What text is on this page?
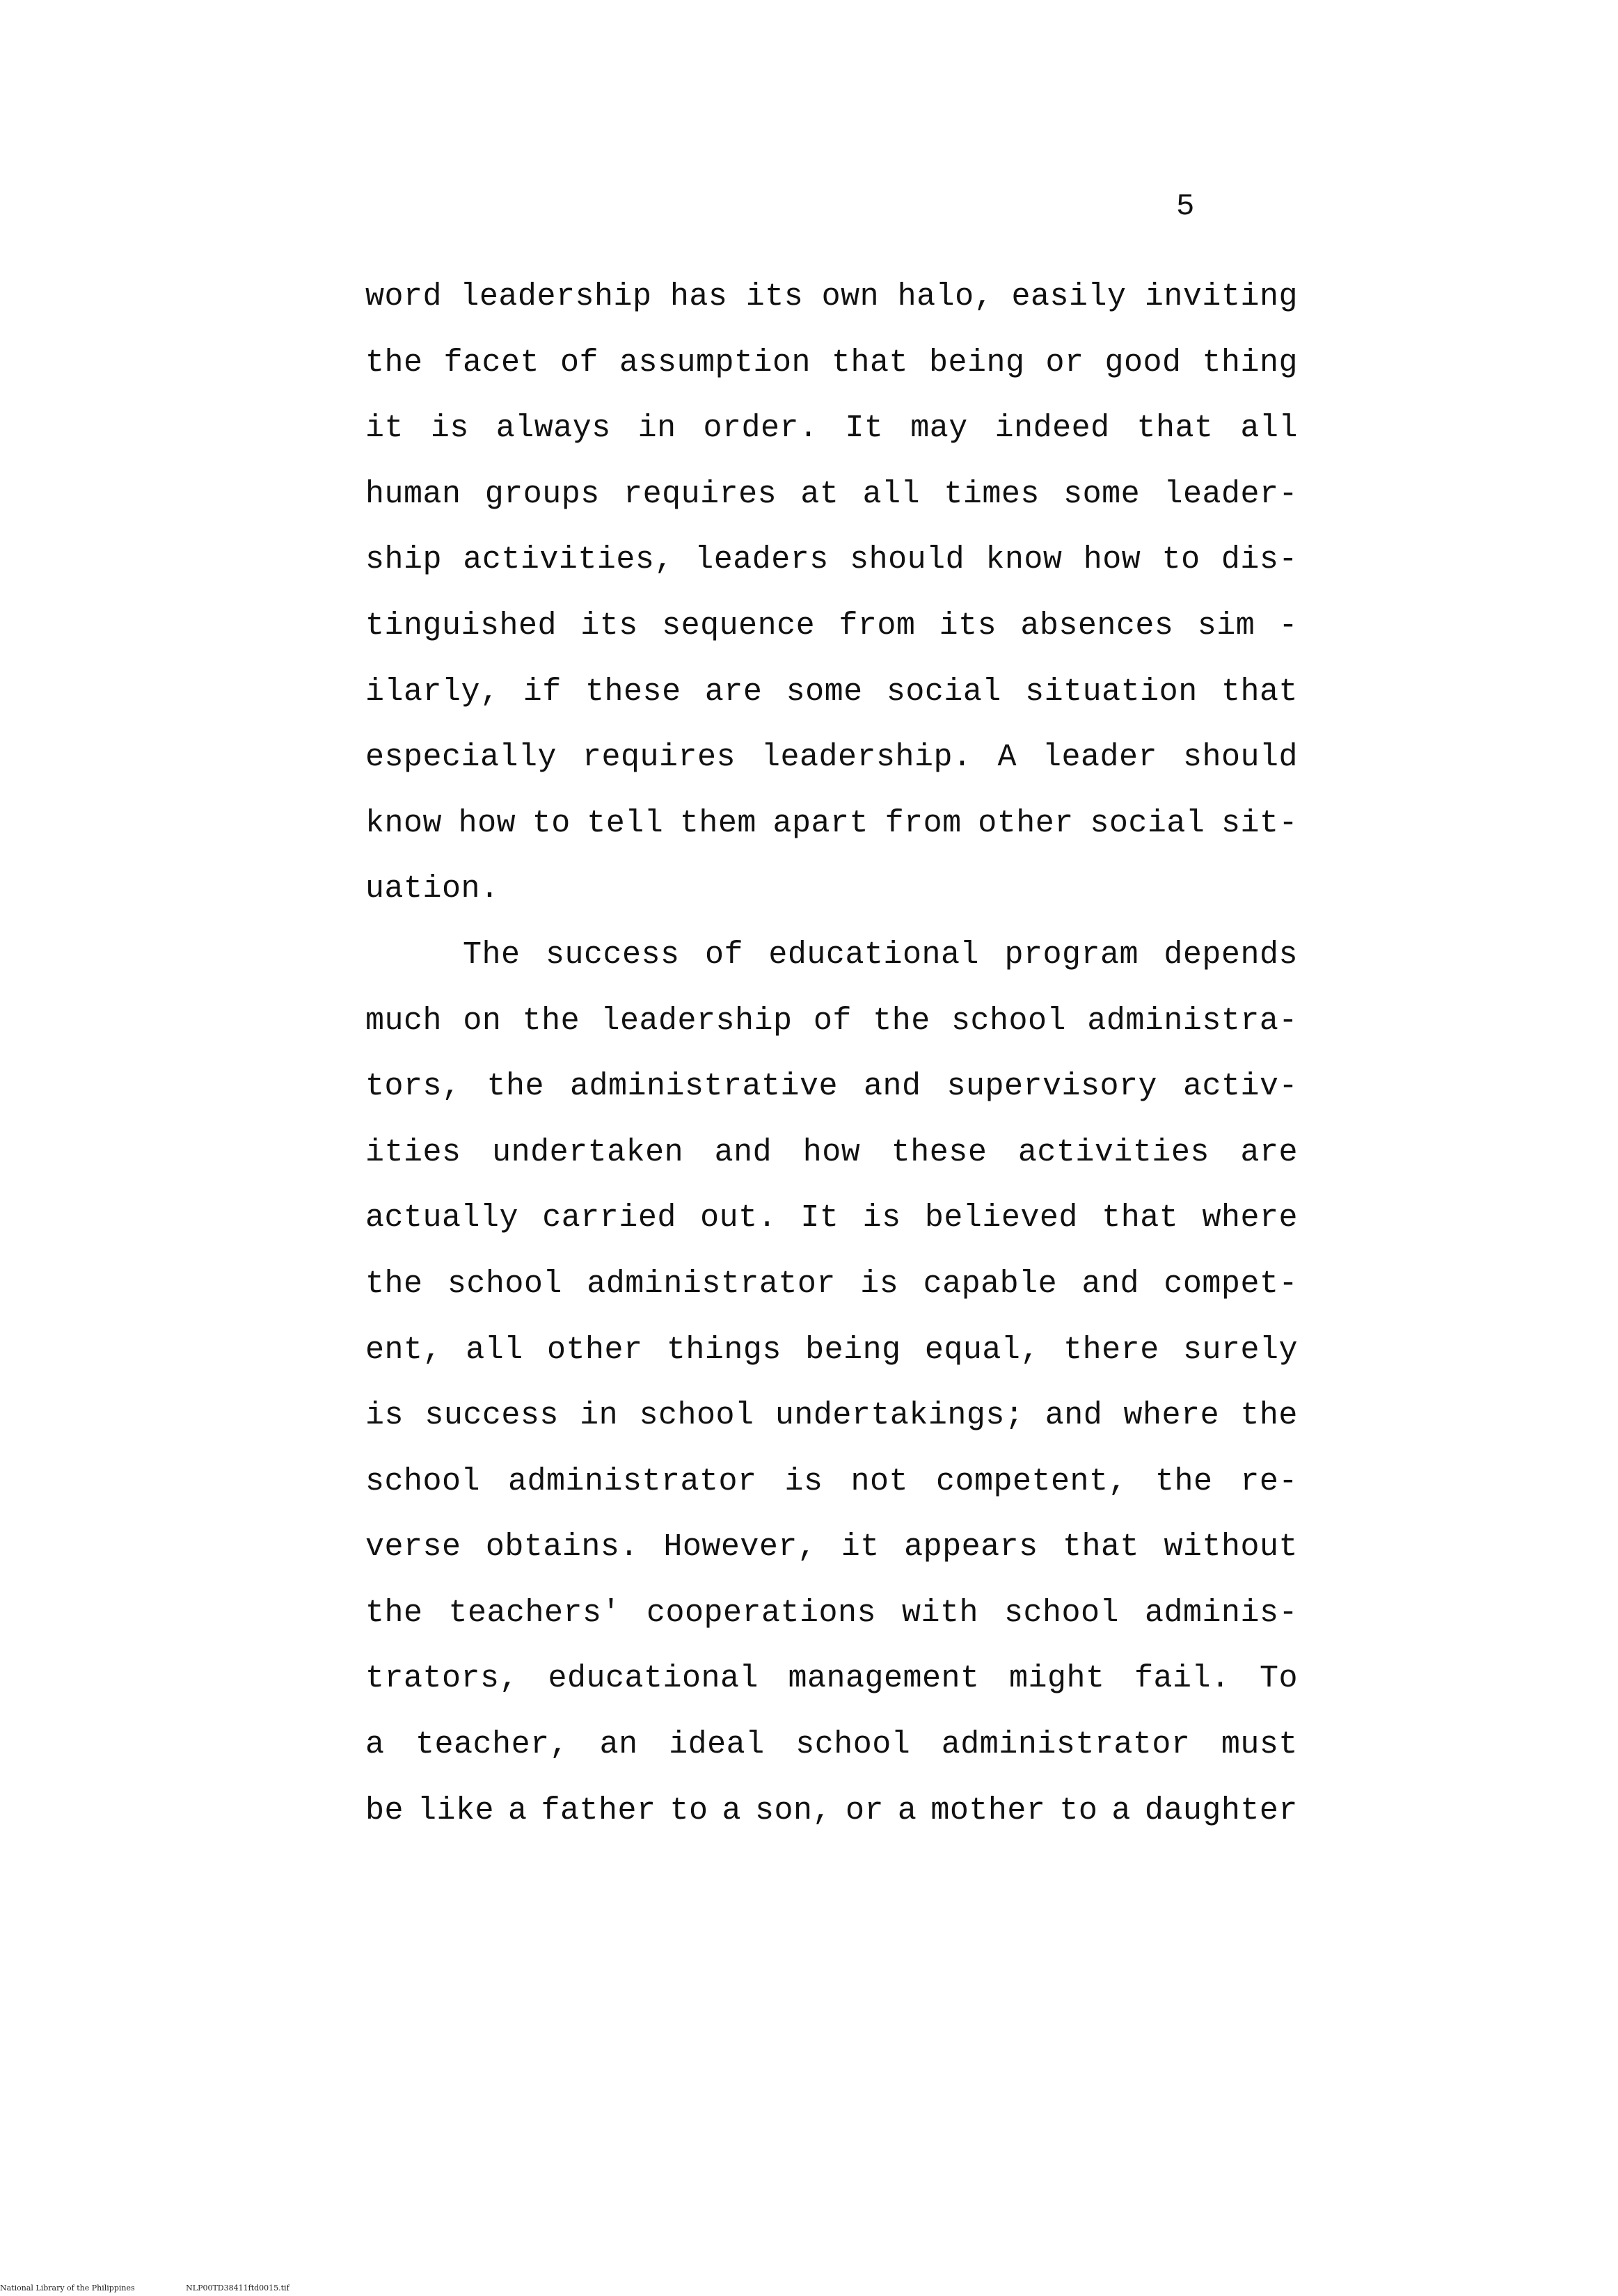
5
word leadership has its own halo, easily inviting
the facet of assumption that being or good thing
it is always in order. It may indeed that all
human groups requires at all times some leader-
ship activities, leaders should know how to dis-
tinguished its sequence from its absences sim -
ilarly, if these are some social situation that
especially requires leadership. A leader should
know how to tell them apart from other social sit-
uation.
The success of educational program depends
much on the leadership of the school administra-
tors, the administrative and supervisory activ-
ities undertaken and how these activities are
actually carried out. It is believed that where
the school administrator is capable and compet-
ent, all other things being equal, there surely
is success in school undertakings; and where the
school administrator is not competent, the re-
verse obtains. However, it appears that without
the teachers' cooperations with school adminis-
trators, educational management might fail. To
a teacher, an ideal school administrator must
be like a father to a son, or a mother to a daughter
National Library of the Philippines	NLP00TD38411ftd0015.tif
